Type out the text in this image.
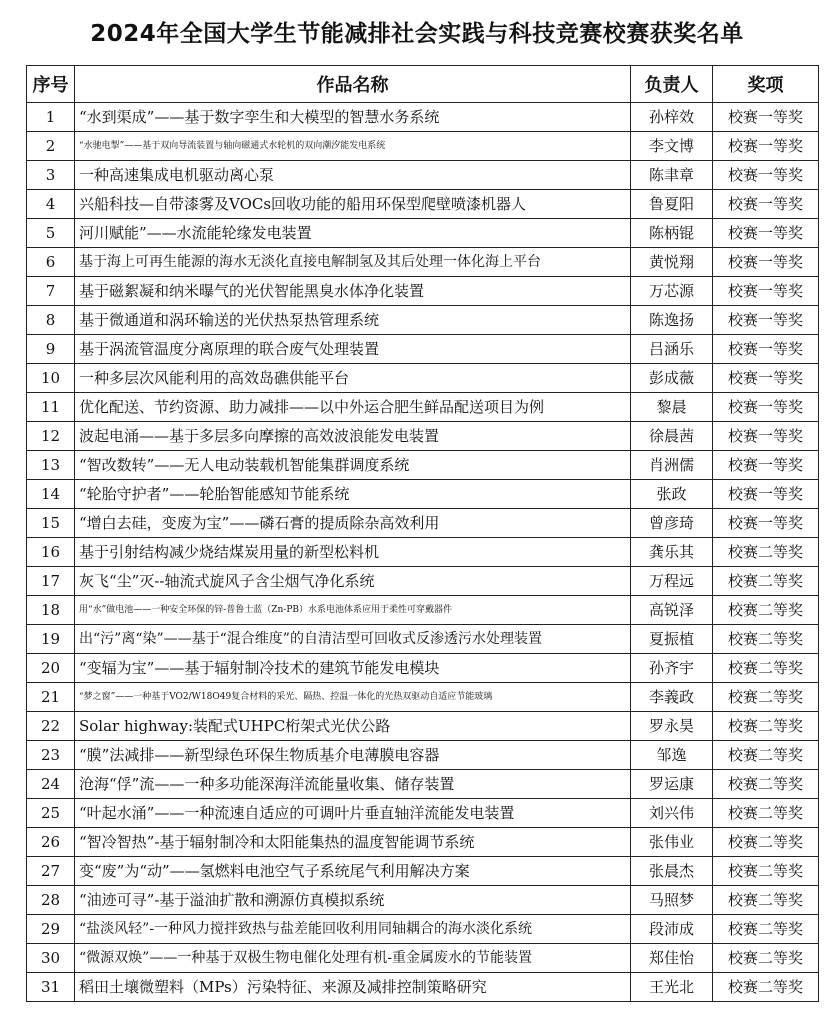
2024年全国大学生节能减排社会实践与科技竞赛校赛获奖名单
序号	作品名称	负责人	奖项
1	“水到渠成”——基于数字孪生和大模型的智慧水务系统	孙梓效	校赛一等奖
2	“水驰电掣”——基于双向导流装置与轴向磁通式水轮机的双向潮汐能发电系统	李文博	校赛一等奖
3	一种高速集成电机驱动离心泵	陈聿章	校赛一等奖
4	兴船科技—自带漆雾及VOCs回收功能的船用环保型爬壁喷漆机器人	鲁夏阳	校赛一等奖
5	河川赋能”——水流能轮缘发电装置	陈柄锟	校赛一等奖
6	基于海上可再生能源的海水无淡化直接电解制氢及其后处理一体化海上平台	黄悦翔	校赛一等奖
7	基于磁絮凝和纳米曝气的光伏智能黑臭水体净化装置	万芯源	校赛一等奖
8	基于微通道和涡环输送的光伏热泵热管理系统	陈逸扬	校赛一等奖
9	基于涡流管温度分离原理的联合废气处理装置	吕涵乐	校赛一等奖
10	一种多层次风能利用的高效岛礁供能平台	彭成薇	校赛一等奖
11	优化配送、节约资源、助力减排——以中外运合肥生鲜品配送项目为例	黎晨	校赛一等奖
12	波起电涌——基于多层多向摩擦的高效波浪能发电装置	徐晨茜	校赛一等奖
13	“智改数转”——无人电动装载机智能集群调度系统	肖洲儒	校赛一等奖
14	“轮胎守护者”——轮胎智能感知节能系统	张政	校赛一等奖
15	“增白去硅，变废为宝”——磷石膏的提质除杂高效利用	曾彦琦	校赛一等奖
16	基于引射结构减少烧结煤炭用量的新型松料机	龚乐其	校赛二等奖
17	灰飞“尘”灭--轴流式旋风子含尘烟气净化系统	万程远	校赛二等奖
18	用“水”做电池——一种安全环保的锌-普鲁士蓝（Zn-PB）水系电池体系应用于柔性可穿戴器件	高锐泽	校赛二等奖
19	出“污”离“染”——基于“混合维度”的自清洁型可回收式反渗透污水处理装置	夏振植	校赛二等奖
20	“变辐为宝”——基于辐射制冷技术的建筑节能发电模块	孙齐宇	校赛二等奖
21	“梦之窗”——一种基于VO2/W18O49复合材料的采光、隔热、控温一体化的光热双驱动自适应节能玻璃	李義政	校赛二等奖
22	Solar highway:装配式UHPC桁架式光伏公路	罗永昊	校赛二等奖
23	“膜”法减排——新型绿色环保生物质基介电薄膜电容器	邹逸	校赛二等奖
24	沧海“俘”流——一种多功能深海洋流能量收集、储存装置	罗运康	校赛二等奖
25	“叶起水涌”——一种流速自适应的可调叶片垂直轴洋流能发电装置	刘兴伟	校赛二等奖
26	“智冷智热”-基于辐射制冷和太阳能集热的温度智能调节系统	张伟业	校赛二等奖
27	变“废”为“动”——氢燃料电池空气子系统尾气利用解决方案	张晨杰	校赛二等奖
28	“油迹可寻”-基于溢油扩散和溯源仿真模拟系统	马照梦	校赛二等奖
29	“盐淡风轻”-一种风力搅拌致热与盐差能回收利用同轴耦合的海水淡化系统	段沛成	校赛二等奖
30	“微源双焕”——一种基于双极生物电催化处理有机-重金属废水的节能装置	郑佳怡	校赛二等奖
31	稻田土壤微塑料（MPs）污染特征、来源及减排控制策略研究	王光北	校赛二等奖
